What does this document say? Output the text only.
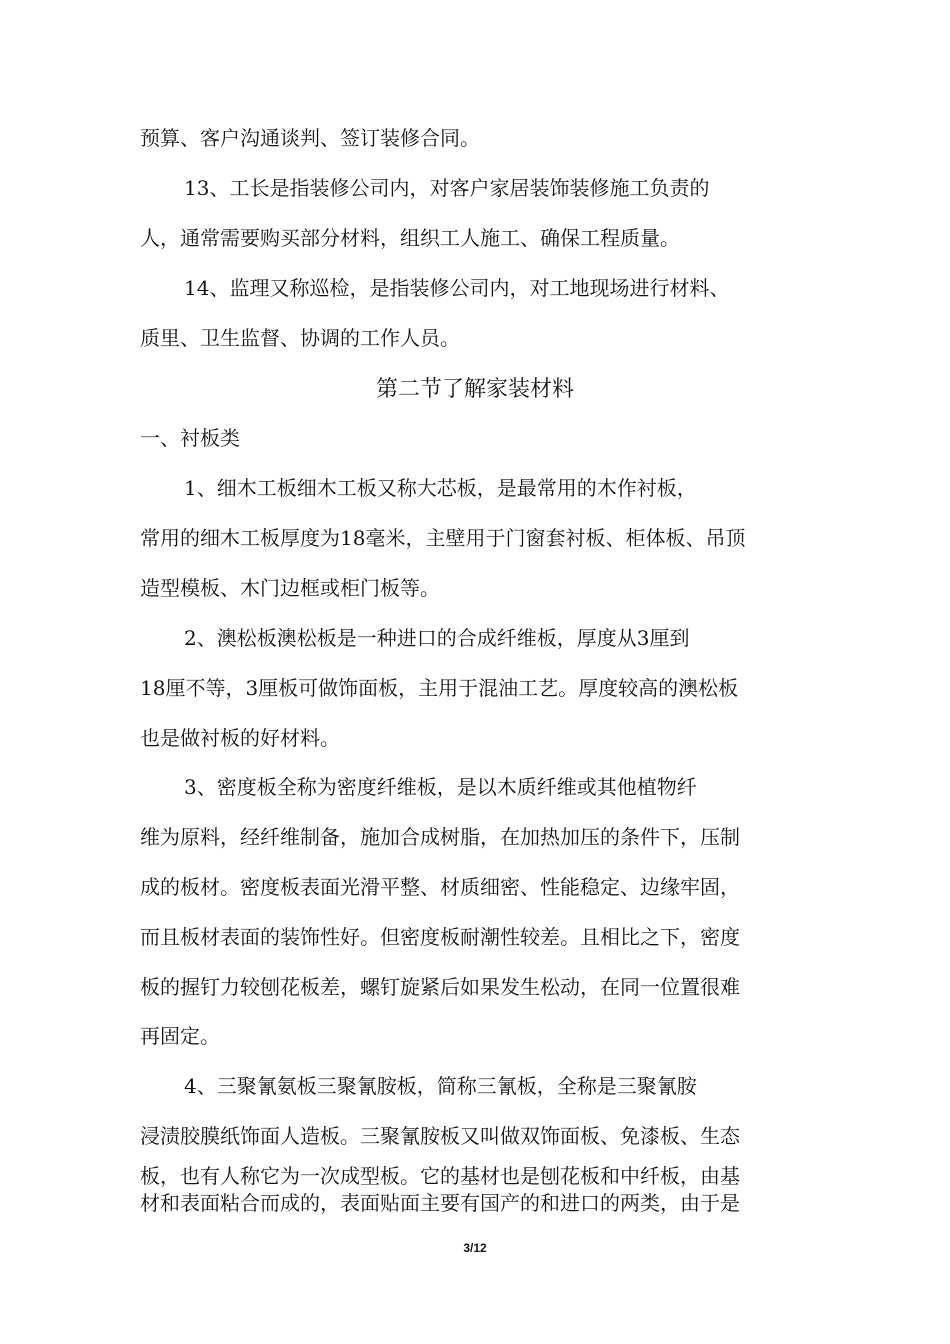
预算、客户沟通谈判、签订装修合同。
13、工长是指装修公司内，对客户家居装饰装修施工负责的
人，通常需要购买部分材料，组织工人施工、确保工程质量。
14、监理又称巡检，是指装修公司内，对工地现场进行材料、
质里、卫生监督、协调的工作人员。
第二节了解家装材料
一、衬板类
1、细木工板细木工板又称大芯板，是最常用的木作衬板，
常用的细木工板厚度为18毫米，主壁用于门窗套衬板、柜体板、吊顶
造型模板、木门边框或柜门板等。
2、澳松板澳松板是一种进口的合成纤维板，厚度从3厘到
18厘不等，3厘板可做饰面板，主用于混油工艺。厚度较高的澳松板
也是做衬板的好材料。
3、密度板全称为密度纤维板，是以木质纤维或其他植物纤
维为原料，经纤维制备，施加合成树脂，在加热加压的条件下，压制
成的板材。密度板表面光滑平整、材质细密、性能稳定、边缘牢固，
而且板材表面的装饰性好。但密度板耐潮性较差。且相比之下，密度
板的握钉力较刨花板差，螺钉旋紧后如果发生松动，在同一位置很难
再固定。
4、三聚氰氨板三聚氰胺板，简称三氰板，全称是三聚氰胺
浸渍胶膜纸饰面人造板。三聚氰胺板又叫做双饰面板、免漆板、生态
板，也有人称它为一次成型板。它的基材也是刨花板和中纤板，由基
材和表面粘合而成的，表面贴面主要有国产的和进口的两类，由于是
3/12
